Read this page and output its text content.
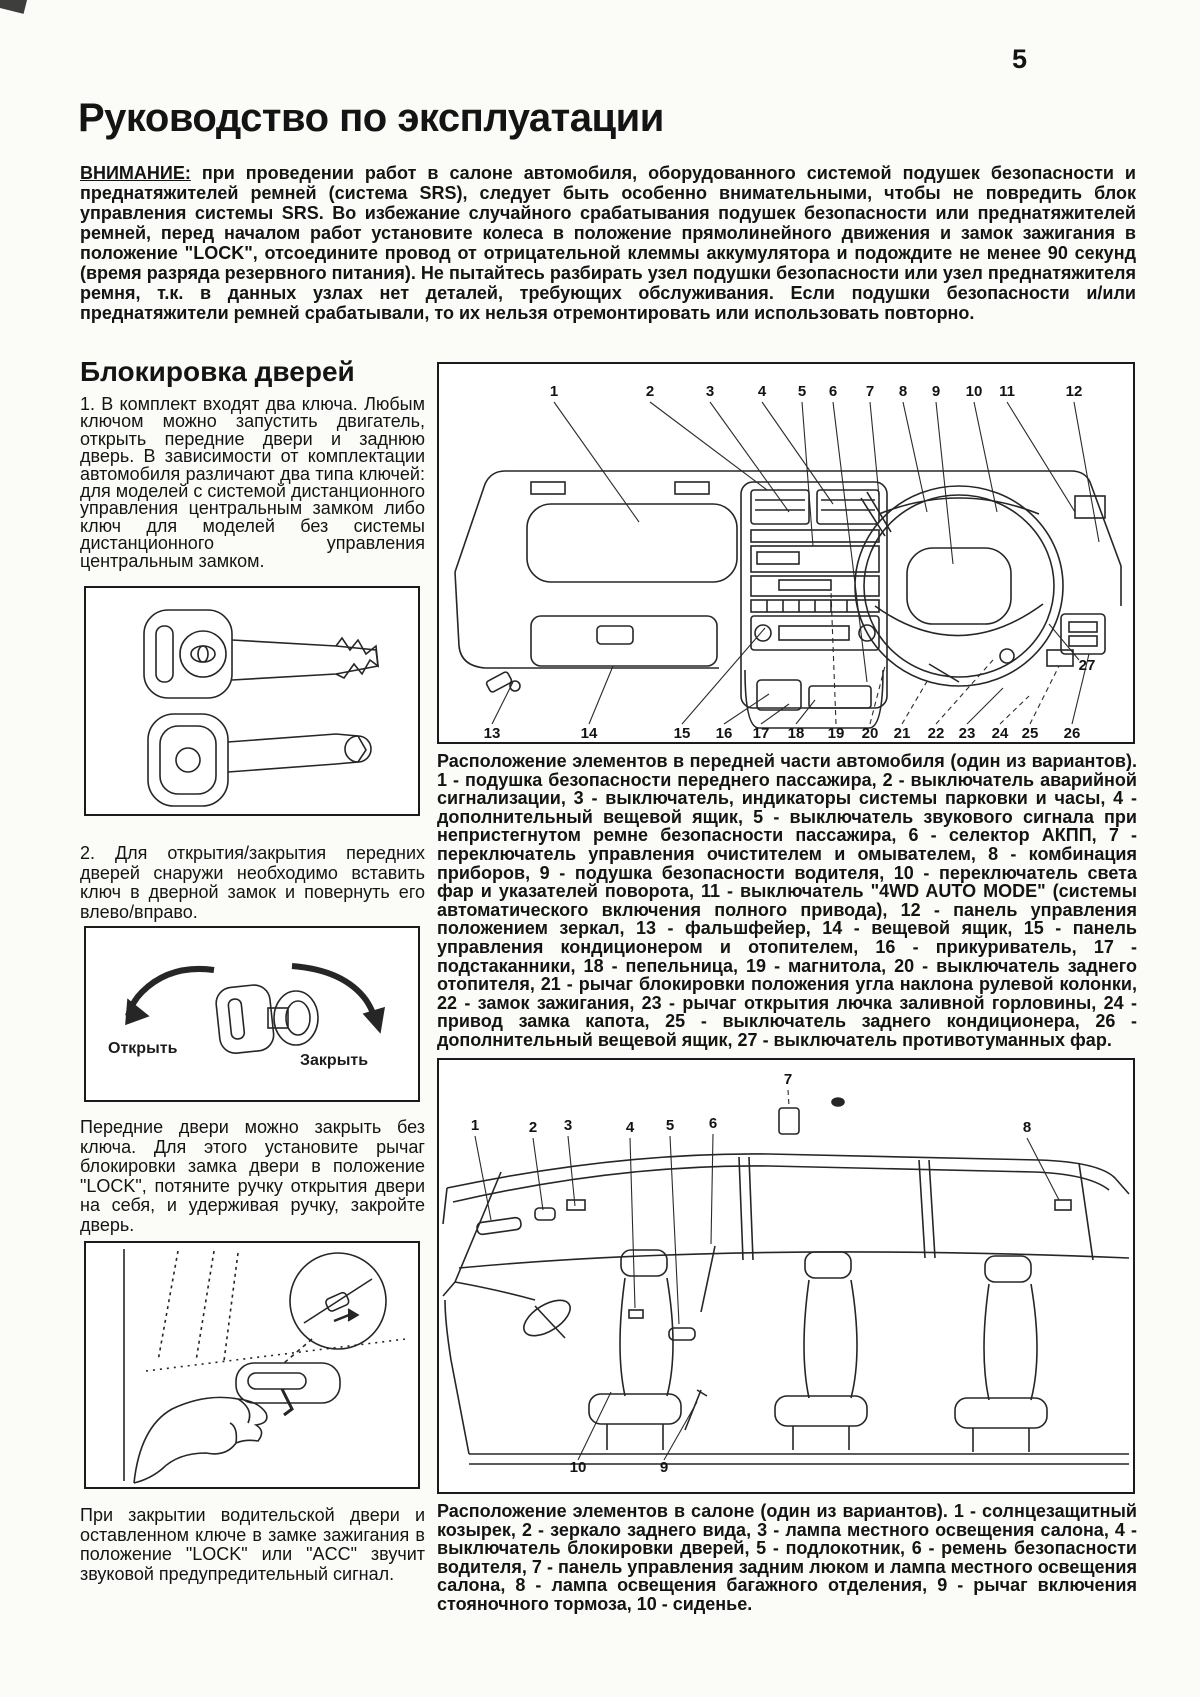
5
Руководство по эксплуатации
ВНИМАНИЕ: при проведении работ в салоне автомобиля, оборудованного системой подушек безопасности и преднатяжителей ремней (система SRS), следует быть особенно внимательными, чтобы не повредить блок управления системы SRS. Во избежание случайного срабатывания подушек безопасности или преднатяжителей ремней, перед началом работ установите колеса в положение прямолинейного движения и замок зажигания в положение "LOCK", отсоедините провод от отрицательной клеммы аккумулятора и подождите не менее 90 секунд (время разряда резервного питания). Не пытайтесь разбирать узел подушки безопасности или узел преднатяжителя ремня, т.к. в данных узлах нет деталей, требующих обслуживания. Если подушки безопасности и/или преднатяжители ремней срабатывали, то их нельзя отремонтировать или использовать повторно.
Блокировка дверей
1. В комплект входят два ключа. Любым ключом можно запустить двигатель, открыть передние двери и заднюю дверь. В зависимости от комплектации автомобиля различают два типа ключей: для моделей с системой дистанционного управления центральным замком либо ключ для моделей без системы дистанционного управления центральным замком.
2. Для открытия/закрытия передних дверей снаружи необходимо вставить ключ в дверной замок и повернуть его влево/вправо.
Открыть
Закрыть
Передние двери можно закрыть без ключа. Для этого установите рычаг блокировки замка двери в положение "LOCK", потяните ручку открытия двери на себя, и удерживая ручку, закройте дверь.
При закрытии водительской двери и оставленном ключе в замке зажигания в положение "LOCK" или "ACC" звучит звуковой предупредительный сигнал.
1	2	3	4 5 6 7 8 9 10 11	12
13	14	15 16 17 18 19 20 21 22 23 24 25 26
27
Расположение элементов в передней части автомобиля (один из вариантов). 1 - подушка безопасности переднего пассажира, 2 - выключатель аварийной сигнализации, 3 - выключатель, индикаторы системы парковки и часы, 4 - дополнительный вещевой ящик, 5 - выключатель звукового сигнала при непристегнутом ремне безопасности пассажира, 6 - селектор АКПП, 7 - переключатель управления очистителем и омывателем, 8 - комбинация приборов, 9 - подушка безопасности водителя, 10 - переключатель света фар и указателей поворота, 11 - выключатель "4WD AUTO MODE" (системы автоматического включения полного привода), 12 - панель управления положением зеркал, 13 - фальшфейер, 14 - вещевой ящик, 15 - панель управления кондиционером и отопителем, 16 - прикуриватель, 17 - подстаканники, 18 - пепельница, 19 - магнитола, 20 - выключатель заднего отопителя, 21 - рычаг блокировки положения угла наклона рулевой колонки, 22 - замок зажигания, 23 - рычаг открытия лючка заливной горловины, 24 - привод замка капота, 25 - выключатель заднего кондиционера, 26 - дополнительный вещевой ящик, 27 - выключатель противотуманных фар.
1	2 3	4 5 6
7
8
9
10
Расположение элементов в салоне (один из вариантов). 1 - солнцезащитный козырек, 2 - зеркало заднего вида, 3 - лампа местного освещения салона, 4 - выключатель блокировки дверей, 5 - подлокотник, 6 - ремень безопасности водителя, 7 - панель управления задним люком и лампа местного освещения салона, 8 - лампа освещения багажного отделения, 9 - рычаг включения стояночного тормоза, 10 - сиденье.
